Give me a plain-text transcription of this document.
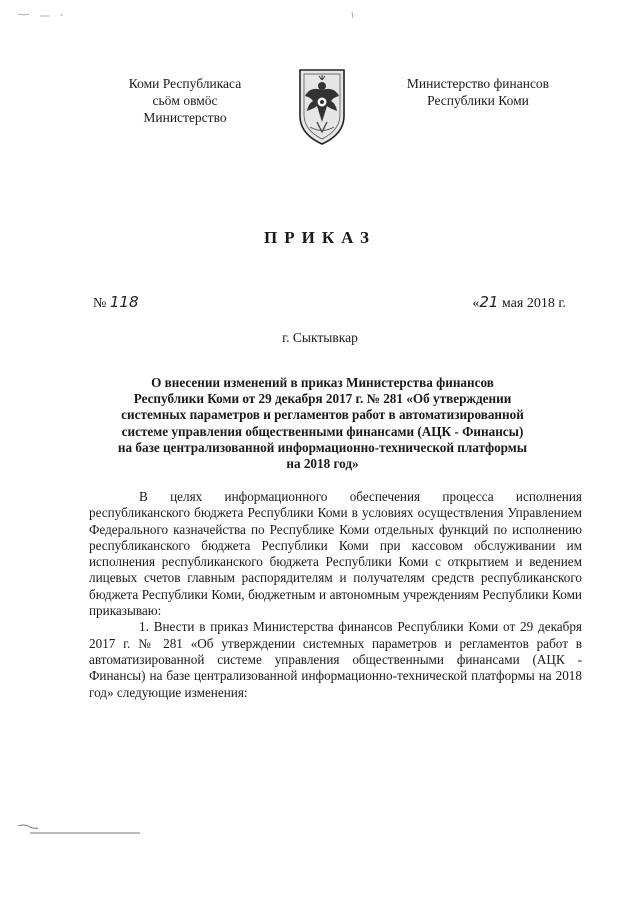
Коми Республикаса
сьӧм овмӧс
Министерство
Министерство финансов
Республики Коми
ПРИКАЗ
№ 118	«21 мая 2018 г.
г. Сыктывкар
О внесении изменений в приказ Министерства финансов
Республики Коми от 29 декабря 2017 г. № 281 «Об утверждении
системных параметров и регламентов работ в автоматизированной
системе управления общественными финансами (АЦК - Финансы)
на базе централизованной информационно-технической платформы
на 2018 год»

В целях информационного обеспечения процесса исполнения республиканского бюджета Республики Коми в условиях осуществления Управлением Федерального казначейства по Республике Коми отдельных функций по исполнению республиканского бюджета Республики Коми при кассовом обслуживании им исполнения республиканского бюджета Республики Коми с открытием и ведением лицевых счетов главным распорядителям и получателям средств республиканского бюджета Республики Коми, бюджетным и автономным учреждениям Республики Коми приказываю:

1. Внести в приказ Министерства финансов Республики Коми от 29 декабря 2017 г. № 281 «Об утверждении системных параметров и регламентов работ в автоматизированной системе управления общественными финансами (АЦК - Финансы) на базе централизованной информационно-технической платформы на 2018 год» следующие изменения:
